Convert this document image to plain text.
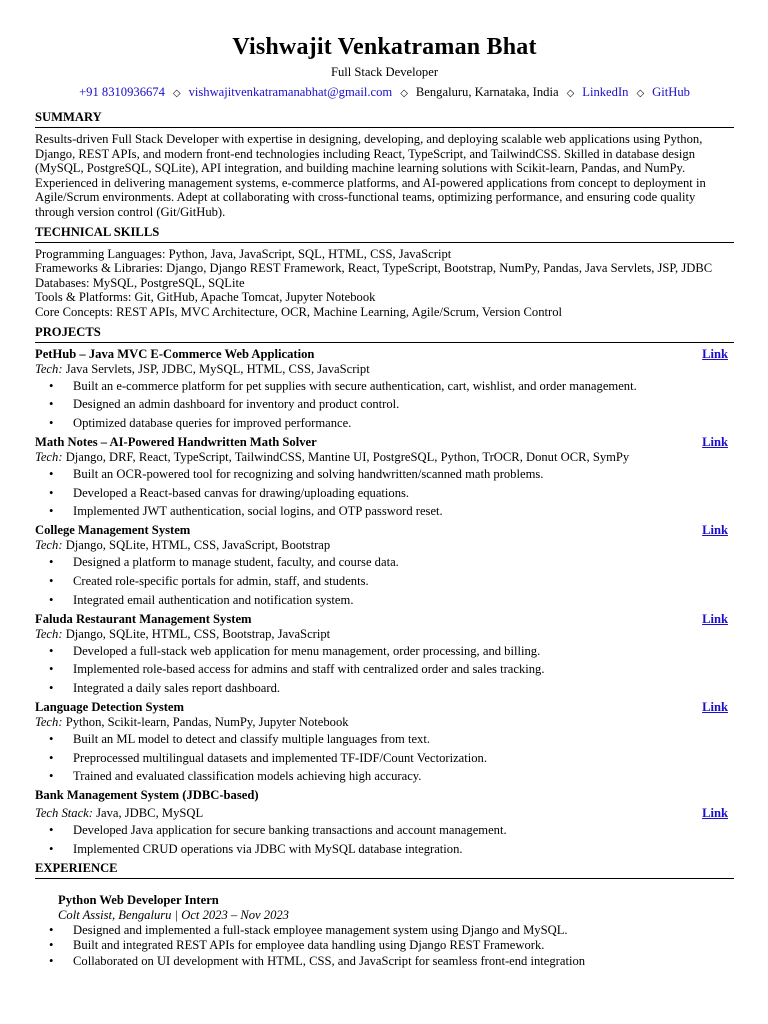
Vishwajit Venkatraman Bhat
Full Stack Developer
+91 8310936674 ◇ vishwajitvenkatramanabhat@gmail.com ◇ Bengaluru, Karnataka, India ◇ LinkedIn ◇ GitHub
SUMMARY
Results-driven Full Stack Developer with expertise in designing, developing, and deploying scalable web applications using Python, Django, REST APIs, and modern front-end technologies including React, TypeScript, and TailwindCSS. Skilled in database design (MySQL, PostgreSQL, SQLite), API integration, and building machine learning solutions with Scikit-learn, Pandas, and NumPy. Experienced in delivering management systems, e-commerce platforms, and AI-powered applications from concept to deployment in Agile/Scrum environments. Adept at collaborating with cross-functional teams, optimizing performance, and ensuring code quality through version control (Git/GitHub).
TECHNICAL SKILLS
Programming Languages: Python, Java, JavaScript, SQL, HTML, CSS, JavaScript
Frameworks & Libraries: Django, Django REST Framework, React, TypeScript, Bootstrap, NumPy, Pandas, Java Servlets, JSP, JDBC
Databases: MySQL, PostgreSQL, SQLite
Tools & Platforms: Git, GitHub, Apache Tomcat, Jupyter Notebook
Core Concepts: REST APIs, MVC Architecture, OCR, Machine Learning, Agile/Scrum, Version Control
PROJECTS
PetHub – Java MVC E-Commerce Web Application	Link
Tech: Java Servlets, JSP, JDBC, MySQL, HTML, CSS, JavaScript
• Built an e-commerce platform for pet supplies with secure authentication, cart, wishlist, and order management.
• Designed an admin dashboard for inventory and product control.
• Optimized database queries for improved performance.
Math Notes – AI-Powered Handwritten Math Solver	Link
Tech: Django, DRF, React, TypeScript, TailwindCSS, Mantine UI, PostgreSQL, Python, TrOCR, Donut OCR, SymPy
• Built an OCR-powered tool for recognizing and solving handwritten/scanned math problems.
• Developed a React-based canvas for drawing/uploading equations.
• Implemented JWT authentication, social logins, and OTP password reset.
College Management System	Link
Tech: Django, SQLite, HTML, CSS, JavaScript, Bootstrap
• Designed a platform to manage student, faculty, and course data.
• Created role-specific portals for admin, staff, and students.
• Integrated email authentication and notification system.
Faluda Restaurant Management System	Link
Tech: Django, SQLite, HTML, CSS, Bootstrap, JavaScript
• Developed a full-stack web application for menu management, order processing, and billing.
• Implemented role-based access for admins and staff with centralized order and sales tracking.
• Integrated a daily sales report dashboard.
Language Detection System	Link
Tech: Python, Scikit-learn, Pandas, NumPy, Jupyter Notebook
• Built an ML model to detect and classify multiple languages from text.
• Preprocessed multilingual datasets and implemented TF-IDF/Count Vectorization.
• Trained and evaluated classification models achieving high accuracy.
Bank Management System (JDBC-based)
Tech Stack: Java, JDBC, MySQL	Link
• Developed Java application for secure banking transactions and account management.
• Implemented CRUD operations via JDBC with MySQL database integration.
EXPERIENCE
Python Web Developer Intern
Colt Assist, Bengaluru | Oct 2023 – Nov 2023
• Designed and implemented a full-stack employee management system using Django and MySQL.
• Built and integrated REST APIs for employee data handling using Django REST Framework.
• Collaborated on UI development with HTML, CSS, and JavaScript for seamless front-end integration
